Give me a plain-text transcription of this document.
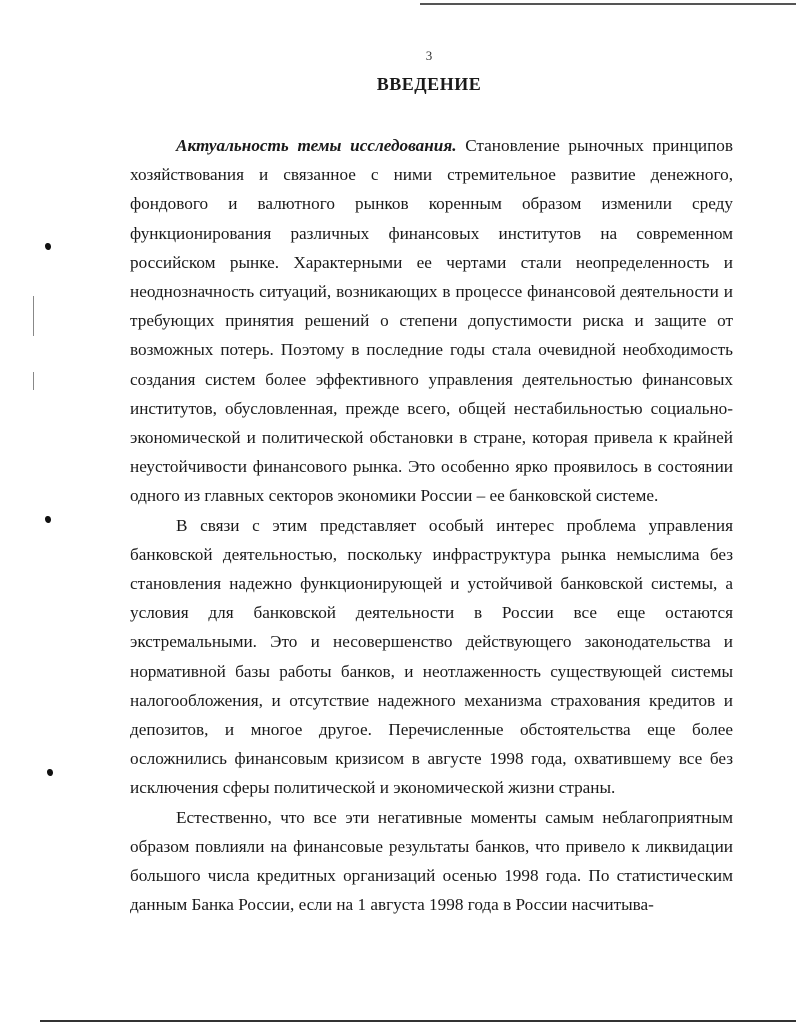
3
ВВЕДЕНИЕ

Актуальность темы исследования. Становление рыночных принципов хозяйствования и связанное с ними стремительное развитие денежного, фондового и валютного рынков коренным образом изменили среду функционирования различных финансовых институтов на современном российском рынке. Характерными ее чертами стали неопределенность и неоднозначность ситуаций, возникающих в процессе финансовой деятельности и требующих принятия решений о степени допустимости риска и защите от возможных потерь. Поэтому в последние годы стала очевидной необходимость создания систем более эффективного управления деятельностью финансовых институтов, обусловленная, прежде всего, общей нестабильностью социально-экономической и политической обстановки в стране, которая привела к крайней неустойчивости финансового рынка. Это особенно ярко проявилось в состоянии одного из главных секторов экономики России – ее банковской системе.

В связи с этим представляет особый интерес проблема управления банковской деятельностью, поскольку инфраструктура рынка немыслима без становления надежно функционирующей и устойчивой банковской системы, а условия для банковской деятельности в России все еще остаются экстремальными. Это и несовершенство действующего законодательства и нормативной базы работы банков, и неотлаженность существующей системы налогообложения, и отсутствие надежного механизма страхования кредитов и депозитов, и многое другое. Перечисленные обстоятельства еще более осложнились финансовым кризисом в августе 1998 года, охватившему все без исключения сферы политической и экономической жизни страны.

Естественно, что все эти негативные моменты самым неблагоприятным образом повлияли на финансовые результаты банков, что привело к ликвидации большого числа кредитных организаций осенью 1998 года. По статистическим данным Банка России, если на 1 августа 1998 года в России насчитыва-
